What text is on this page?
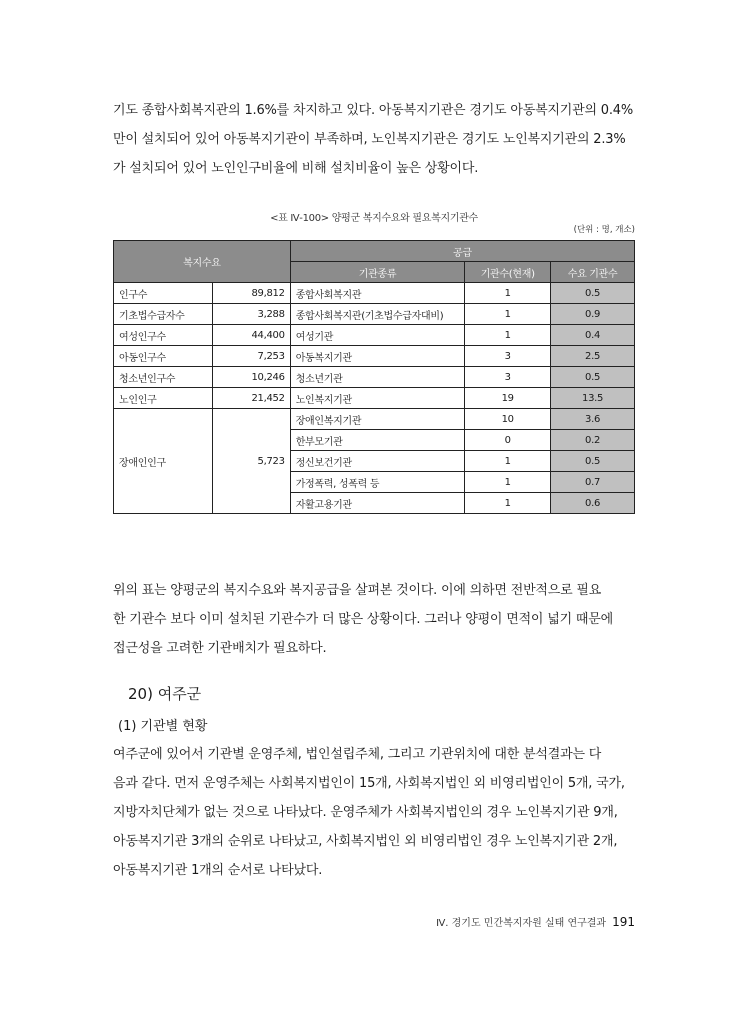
기도 종합사회복지관의 1.6%를 차지하고 있다. 아동복지기관은 경기도 아동복지기관의 0.4%
만이 설치되어 있어 아동복지기관이 부족하며, 노인복지기관은 경기도 노인복지기관의 2.3%
가 설치되어 있어 노인인구비율에 비해 설치비율이 높은 상황이다.
<표 Ⅳ-100> 양평군 복지수요와 필요복지기관수
(단위 : 명, 개소)
복지수요		공급		
		기관종류	기관수(현재)	수요 기관수
인구수	89,812	종합사회복지관	1	0.5
기초법수급자수	3,288	종합사회복지관(기초법수급자대비)	1	0.9
여성인구수	44,400	여성기관	1	0.4
아동인구수	7,253	아동복지기관	3	2.5
청소년인구수	10,246	청소년기관	3	0.5
노인인구	21,452	노인복지기관	19	13.5
장애인인구	5,723	장애인복지기관	10	3.6
		한부모기관	0	0.2
		정신보건기관	1	0.5
		가정폭력, 성폭력 등	1	0.7
		자활고용기관	1	0.6
위의 표는 양평군의 복지수요와 복지공급을 살펴본 것이다. 이에 의하면 전반적으로 필요
한 기관수 보다 이미 설치된 기관수가 더 많은 상황이다. 그러나 양평이 면적이 넓기 때문에
접근성을 고려한 기관배치가 필요하다.
20) 여주군
(1) 기관별 현황
여주군에 있어서 기관별 운영주체, 법인설립주체, 그리고 기관위치에 대한 분석결과는 다
음과 같다. 먼저 운영주체는 사회복지법인이 15개, 사회복지법인 외 비영리법인이 5개, 국가,
지방자치단체가 없는 것으로 나타났다. 운영주체가 사회복지법인의 경우 노인복지기관 9개,
아동복지기관 3개의 순위로 나타났고, 사회복지법인 외 비영리법인 경우 노인복지기관 2개,
아동복지기관 1개의 순서로 나타났다.
Ⅳ. 경기도 민간복지자원 실태 연구결과 191
